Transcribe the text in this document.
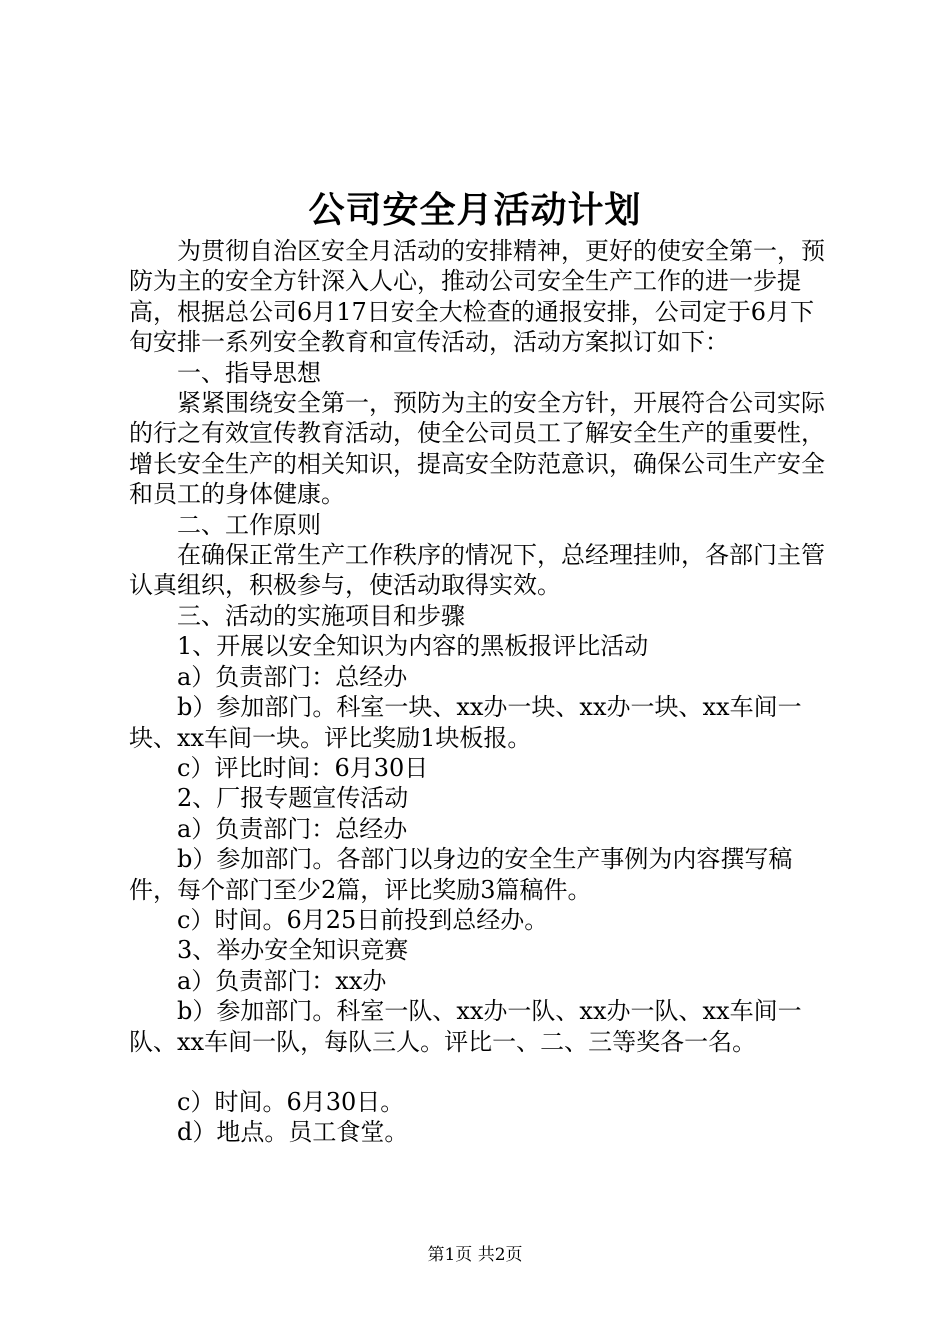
公司安全月活动计划

为贯彻自治区安全月活动的安排精神，更好的使安全第一，预防为主的安全方针深入人心，推动公司安全生产工作的进一步提高，根据总公司6月17日安全大检查的通报安排，公司定于6月下旬安排一系列安全教育和宣传活动，活动方案拟订如下：

一、指导思想

紧紧围绕安全第一，预防为主的安全方针，开展符合公司实际的行之有效宣传教育活动，使全公司员工了解安全生产的重要性，增长安全生产的相关知识，提高安全防范意识，确保公司生产安全和员工的身体健康。

二、工作原则

在确保正常生产工作秩序的情况下，总经理挂帅，各部门主管认真组织，积极参与，使活动取得实效。

三、活动的实施项目和步骤

1、开展以安全知识为内容的黑板报评比活动

a）负责部门：总经办

b）参加部门。科室一块、xx办一块、xx办一块、xx车间一块、xx车间一块。评比奖励1块板报。

c）评比时间：6月30日

2、厂报专题宣传活动

a）负责部门：总经办

b）参加部门。各部门以身边的安全生产事例为内容撰写稿件，每个部门至少2篇，评比奖励3篇稿件。

c）时间。6月25日前投到总经办。

3、举办安全知识竞赛

a）负责部门：xx办

b）参加部门。科室一队、xx办一队、xx办一队、xx车间一队、xx车间一队，每队三人。评比一、二、三等奖各一名。

c）时间。6月30日。

d）地点。员工食堂。

第1页 共2页
